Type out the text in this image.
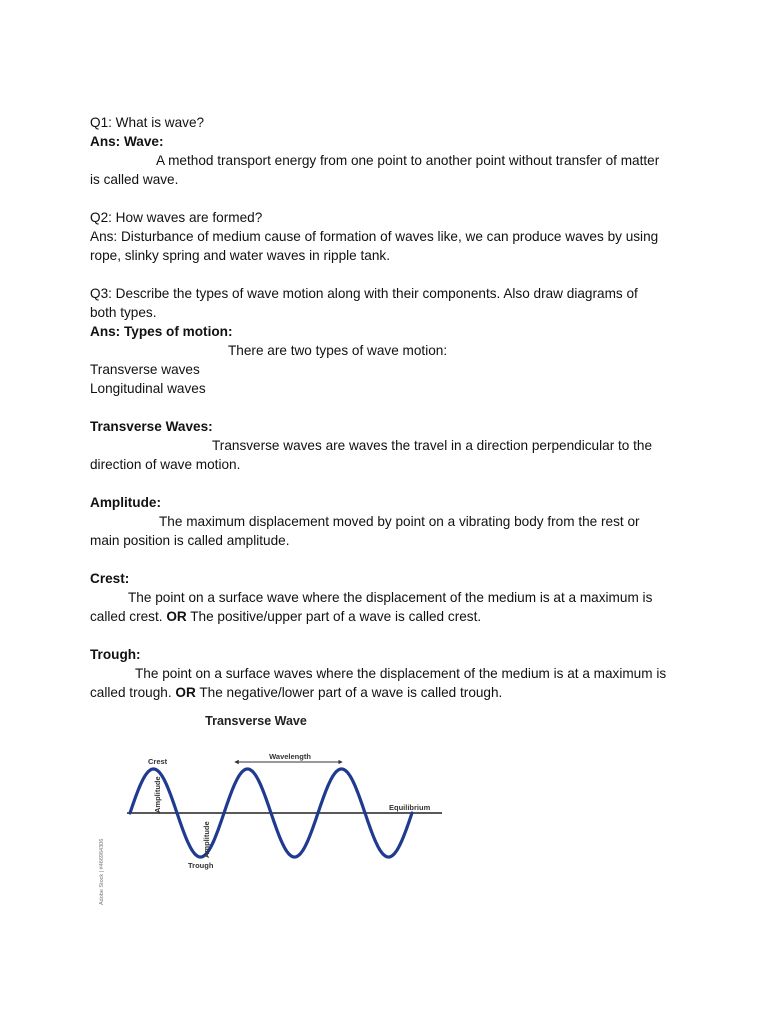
Q1: What is wave?
Ans: Wave:
A method transport energy from one point to another point without transfer of matter
is called wave.
Q2: How waves are formed?
Ans: Disturbance of medium cause of formation of waves like, we can produce waves by using
rope, slinky spring and water waves in ripple tank.
Q3: Describe the types of wave motion along with their components. Also draw diagrams of
both types.
Ans: Types of motion:
There are two types of wave motion:
Transverse waves
Longitudinal waves
Transverse Waves:
Transverse waves are waves the travel in a direction perpendicular to the
direction of wave motion.
Amplitude:
The maximum displacement moved by point on a vibrating body from the rest or
main position is called amplitude.
Crest:
The point on a surface wave where the displacement of the medium is at a maximum is
called crest. OR The positive/upper part of a wave is called crest.
Trough:
The point on a surface waves where the displacement of the medium is at a maximum is
called trough. OR The negative/lower part of a wave is called trough.
Transverse Wave
Wavelength
Crest
Trough
Equilibrium
Amplitude
Amplitude
Adobe Stock | #466964306
